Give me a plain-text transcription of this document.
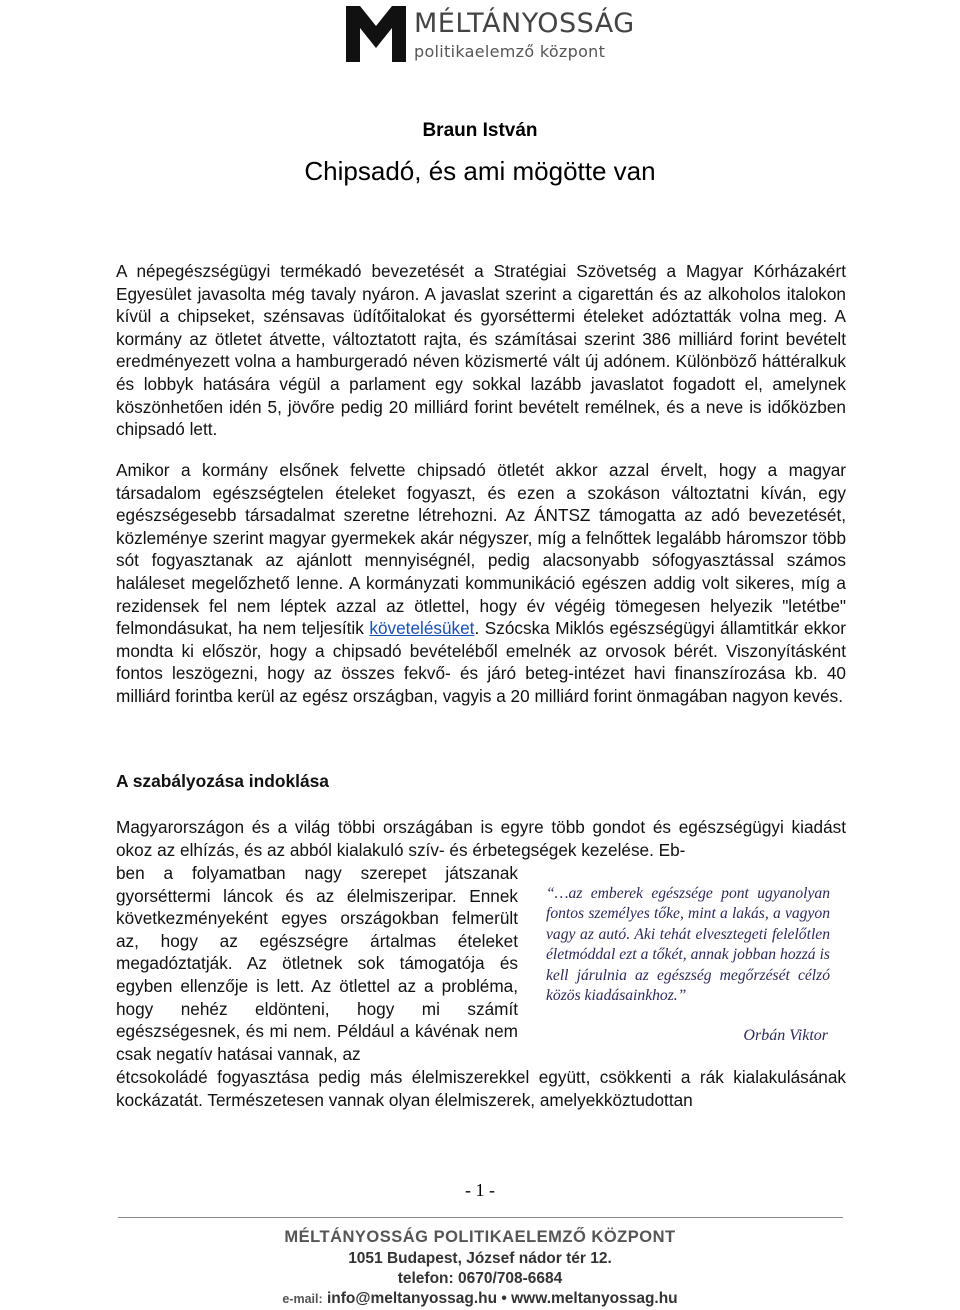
MÉLTÁNYOSSÁG
politikaelemző központ
Braun István
Chipsadó, és ami mögötte van

A népegészségügyi termékadó bevezetését a Stratégiai Szövetség a Magyar Kórházakért Egyesület javasolta még tavaly nyáron. A javaslat szerint a cigarettán és az alkoholos italokon kívül a chipseket, szénsavas üdítőitalokat és gyorséttermi ételeket adóztatták volna meg. A kormány az ötletet átvette, változtatott rajta, és számításai szerint 386 milliárd forint bevételt eredményezett volna a hamburgeradó néven közismerté vált új adónem. Különböző háttéralkuk és lobbyk hatására végül a parlament egy sokkal lazább javaslatot fogadott el, amelynek köszönhetően idén 5, jövőre pedig 20 milliárd forint bevételt remélnek, és a neve is időközben chipsadó lett.

Amikor a kormány elsőnek felvette chipsadó ötletét akkor azzal érvelt, hogy a magyar társadalom egészségtelen ételeket fogyaszt, és ezen a szokáson változtatni kíván, egy egészségesebb társadalmat szeretne létrehozni. Az ÁNTSZ támogatta az adó bevezetését, közleménye szerint magyar gyermekek akár négyszer, míg a felnőttek legalább háromszor több sót fogyasztanak az ajánlott mennyiségnél, pedig alacsonyabb sófogyasztással számos haláleset megelőzhető lenne. A kormányzati kommunikáció egészen addig volt sikeres, míg a rezidensek fel nem léptek azzal az ötlettel, hogy év végéig tömegesen helyezik "letétbe" felmondásukat, ha nem teljesítik követelésüket. Szócska Miklós egészségügyi államtitkár ekkor mondta ki először, hogy a chipsadó bevételéből emelnék az orvosok bérét. Viszonyításként fontos leszögezni, hogy az összes fekvő- és járó beteg-intézet havi finanszírozása kb. 40 milliárd forintba kerül az egész országban, vagyis a 20 milliárd forint önmagában nagyon kevés.

A szabályozása indoklása

Magyarországon és a világ többi országában is egyre több gondot és egészségügyi kiadást okoz az elhízás, és az abból kialakuló szív- és érbetegségek kezelése. Eb-

ben a folyamatban nagy szerepet játszanak gyorséttermi láncok és az élelmiszeripar. Ennek következményeként egyes országokban felmerült az, hogy az egészségre ártalmas ételeket megadóztatják. Az ötletnek sok támogatója és egyben ellenzője is lett. Az ötlettel az a probléma, hogy nehéz eldönteni, hogy mi számít egészségesnek, és mi nem. Például a kávénak nem csak negatív hatásai vannak, az

“…az emberek egészsége pont ugyanolyan fontos személyes tőke, mint a lakás, a vagyon vagy az autó. Aki tehát elvesztegeti felelőtlen életmóddal ezt a tőkét, annak jobban hozzá is kell járulnia az egészség megőrzését célzó közös kiadásainkhoz.”

Orbán Viktor

étcsokoládé fogyasztása pedig más élelmiszerekkel együtt, csökkenti a rák kialakulásának kockázatát. Természetesen vannak olyan élelmiszerek, amelyekköztudottan

- 1 -
MÉLTÁNYOSSÁG POLITIKAELEMZŐ KÖZPONT
1051 Budapest, József nádor tér 12.
telefon: 0670/708-6684
e-mail: info@meltanyossag.hu • www.meltanyossag.hu
